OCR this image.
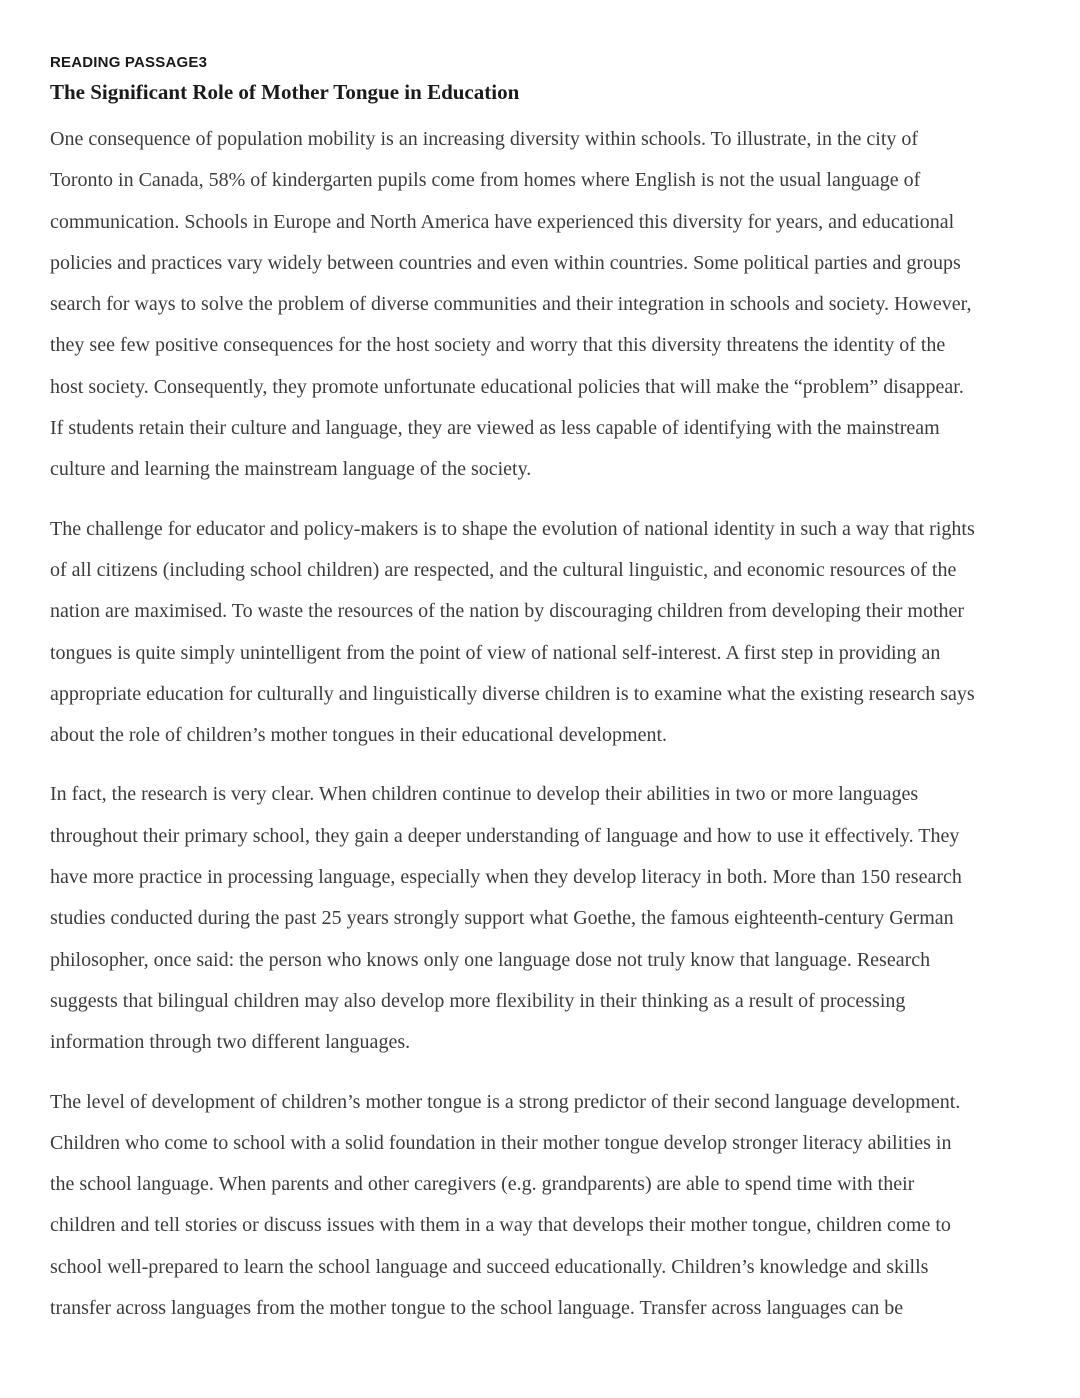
READING PASSAGE3
The Significant Role of Mother Tongue in Education
One consequence of population mobility is an increasing diversity within schools. To illustrate, in the city of
Toronto in Canada, 58% of kindergarten pupils come from homes where English is not the usual language of
communication. Schools in Europe and North America have experienced this diversity for years, and educational
policies and practices vary widely between countries and even within countries. Some political parties and groups
search for ways to solve the problem of diverse communities and their integration in schools and society. However,
they see few positive consequences for the host society and worry that this diversity threatens the identity of the
host society. Consequently, they promote unfortunate educational policies that will make the “problem” disappear.
If students retain their culture and language, they are viewed as less capable of identifying with the mainstream
culture and learning the mainstream language of the society.
The challenge for educator and policy-makers is to shape the evolution of national identity in such a way that rights
of all citizens (including school children) are respected, and the cultural linguistic, and economic resources of the
nation are maximised. To waste the resources of the nation by discouraging children from developing their mother
tongues is quite simply unintelligent from the point of view of national self-interest. A first step in providing an
appropriate education for culturally and linguistically diverse children is to examine what the existing research says
about the role of children’s mother tongues in their educational development.
In fact, the research is very clear. When children continue to develop their abilities in two or more languages
throughout their primary school, they gain a deeper understanding of language and how to use it effectively. They
have more practice in processing language, especially when they develop literacy in both. More than 150 research
studies conducted during the past 25 years strongly support what Goethe, the famous eighteenth-century German
philosopher, once said: the person who knows only one language dose not truly know that language. Research
suggests that bilingual children may also develop more flexibility in their thinking as a result of processing
information through two different languages.
The level of development of children’s mother tongue is a strong predictor of their second language development.
Children who come to school with a solid foundation in their mother tongue develop stronger literacy abilities in
the school language. When parents and other caregivers (e.g. grandparents) are able to spend time with their
children and tell stories or discuss issues with them in a way that develops their mother tongue, children come to
school well-prepared to learn the school language and succeed educationally. Children’s knowledge and skills
transfer across languages from the mother tongue to the school language. Transfer across languages can be
